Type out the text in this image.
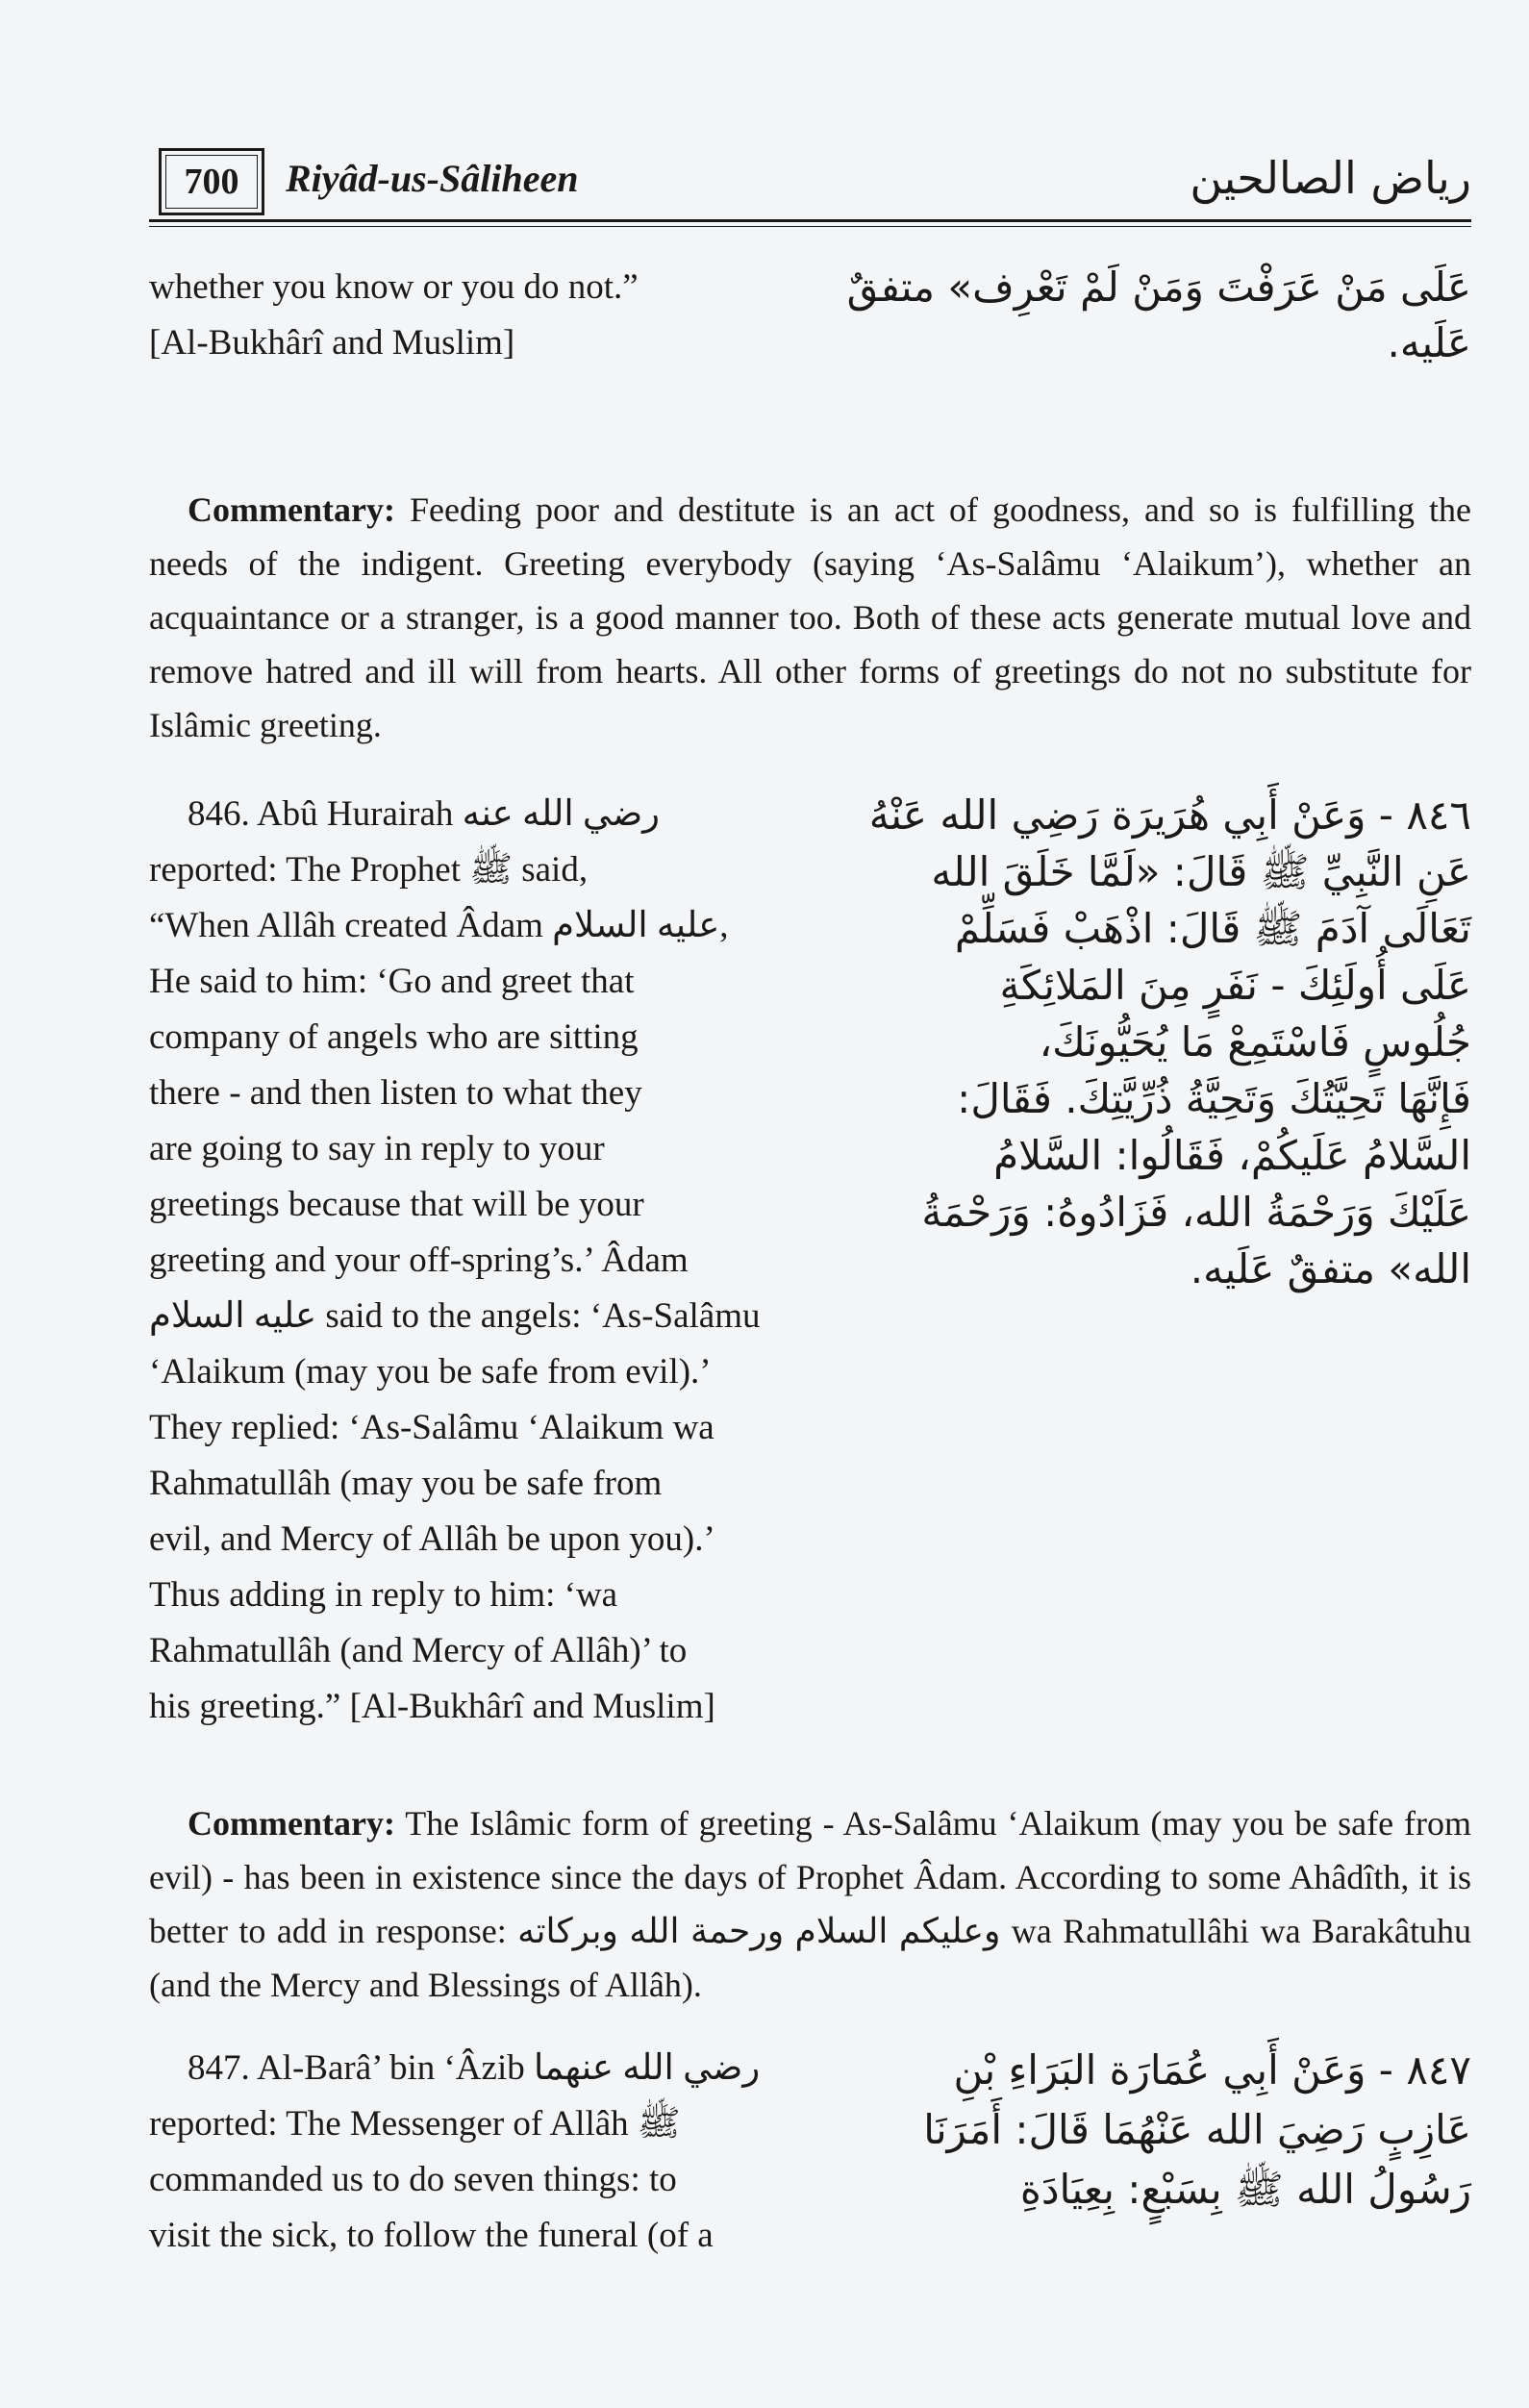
700 Riyâd-us-Sâliheen	رياض الصالحين
whether you know or you do not.”
[Al-Bukhârî and Muslim]
عَلَى مَنْ عَرَفْتَ وَمَنْ لَمْ تَعْرِف» متفقٌ
عَلَيه.

Commentary: Feeding poor and destitute is an act of goodness, and so is fulfilling the needs of the indigent. Greeting everybody (saying ‘As-Salâmu ‘Alaikum’), whether an acquaintance or a stranger, is a good manner too. Both of these acts generate mutual love and remove hatred and ill will from hearts. All other forms of greetings do not no substitute for Islâmic greeting.

846. Abû Hurairah رضي الله عنه
reported: The Prophet ﷺ said,
“When Allâh created Âdam عليه السلام,
He said to him: ‘Go and greet that
company of angels who are sitting
there - and then listen to what they
are going to say in reply to your
greetings because that will be your
greeting and your off-spring’s.’ Âdam
عليه السلام said to the angels: ‘As-Salâmu
‘Alaikum (may you be safe from evil).’
They replied: ‘As-Salâmu ‘Alaikum wa
Rahmatullâh (may you be safe from
evil, and Mercy of Allâh be upon you).’
Thus adding in reply to him: ‘wa
Rahmatullâh (and Mercy of Allâh)’ to
his greeting.” [Al-Bukhârî and Muslim]
٨٤٦ - وَعَنْ أَبِي هُرَيرَة رَضِي الله عَنْهُ
عَنِ النَّبِيِّ ﷺ قَالَ: «لَمَّا خَلَقَ الله
تَعَالَى آدَمَ ﷺ قَالَ: اذْهَبْ فَسَلِّمْ
عَلَى أُولَئِكَ - نَفَرٍ مِنَ المَلائِكَةِ
جُلُوسٍ فَاسْتَمِعْ مَا يُحَيُّونَكَ،
فَإِنَّهَا تَحِيَّتُكَ وَتَحِيَّةُ ذُرِّيَّتِكَ. فَقَالَ:
السَّلامُ عَلَيكُمْ، فَقَالُوا: السَّلامُ
عَلَيْكَ وَرَحْمَةُ الله، فَزَادُوهُ: وَرَحْمَةُ
الله» متفقٌ عَلَيه.

Commentary: The Islâmic form of greeting - As-Salâmu ‘Alaikum (may you be safe from evil) - has been in existence since the days of Prophet Âdam. According to some Ahâdîth, it is better to add in response: وعليكم السلام ورحمة الله وبركاته wa Rahmatullâhi wa Barakâtuhu (and the Mercy and Blessings of Allâh).

847. Al-Barâ’ bin ‘Âzib رضي الله عنهما
reported: The Messenger of Allâh ﷺ
commanded us to do seven things: to
visit the sick, to follow the funeral (of a
٨٤٧ - وَعَنْ أَبِي عُمَارَة البَرَاءِ بْنِ
عَازِبٍ رَضِيَ الله عَنْهُمَا قَالَ: أَمَرَنَا
رَسُولُ الله ﷺ بِسَبْعٍ: بِعِيَادَةِ
